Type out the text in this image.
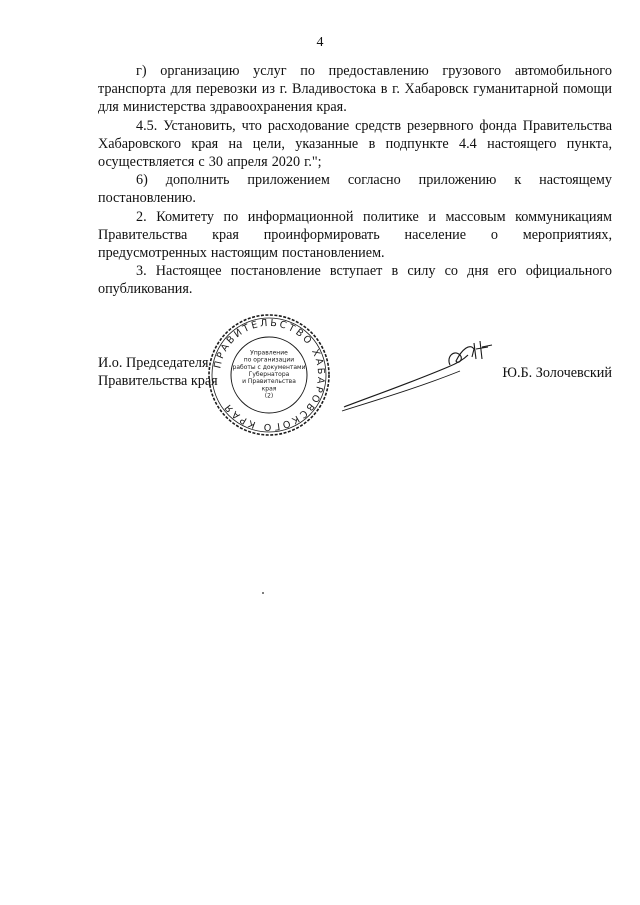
4

г) организацию услуг по предоставлению грузового автомобильного транспорта для перевозки из г. Владивостока в г. Хабаровск гуманитарной помощи для министерства здравоохранения края.

4.5. Установить, что расходование средств резервного фонда Правительства Хабаровского края на цели, указанные в подпункте 4.4 настоящего пункта, осуществляется с 30 апреля 2020 г.";

6) дополнить приложением согласно приложению к настоящему постановлению.

2. Комитету по информационной политике и массовым коммуникациям Правительства края проинформировать население о мероприятиях, предусмотренных настоящим постановлением.

3. Настоящее постановление вступает в силу со дня его официального опубликования.

И.о. Председателя
Правительства края	Ю.Б. Золочевский
ПРАВИТЕЛЬСТВО ХАБАРОВСКОГО КРАЯ
Управление
по организации
работы с документами
Губернатора
и Правительства
края
(2)
